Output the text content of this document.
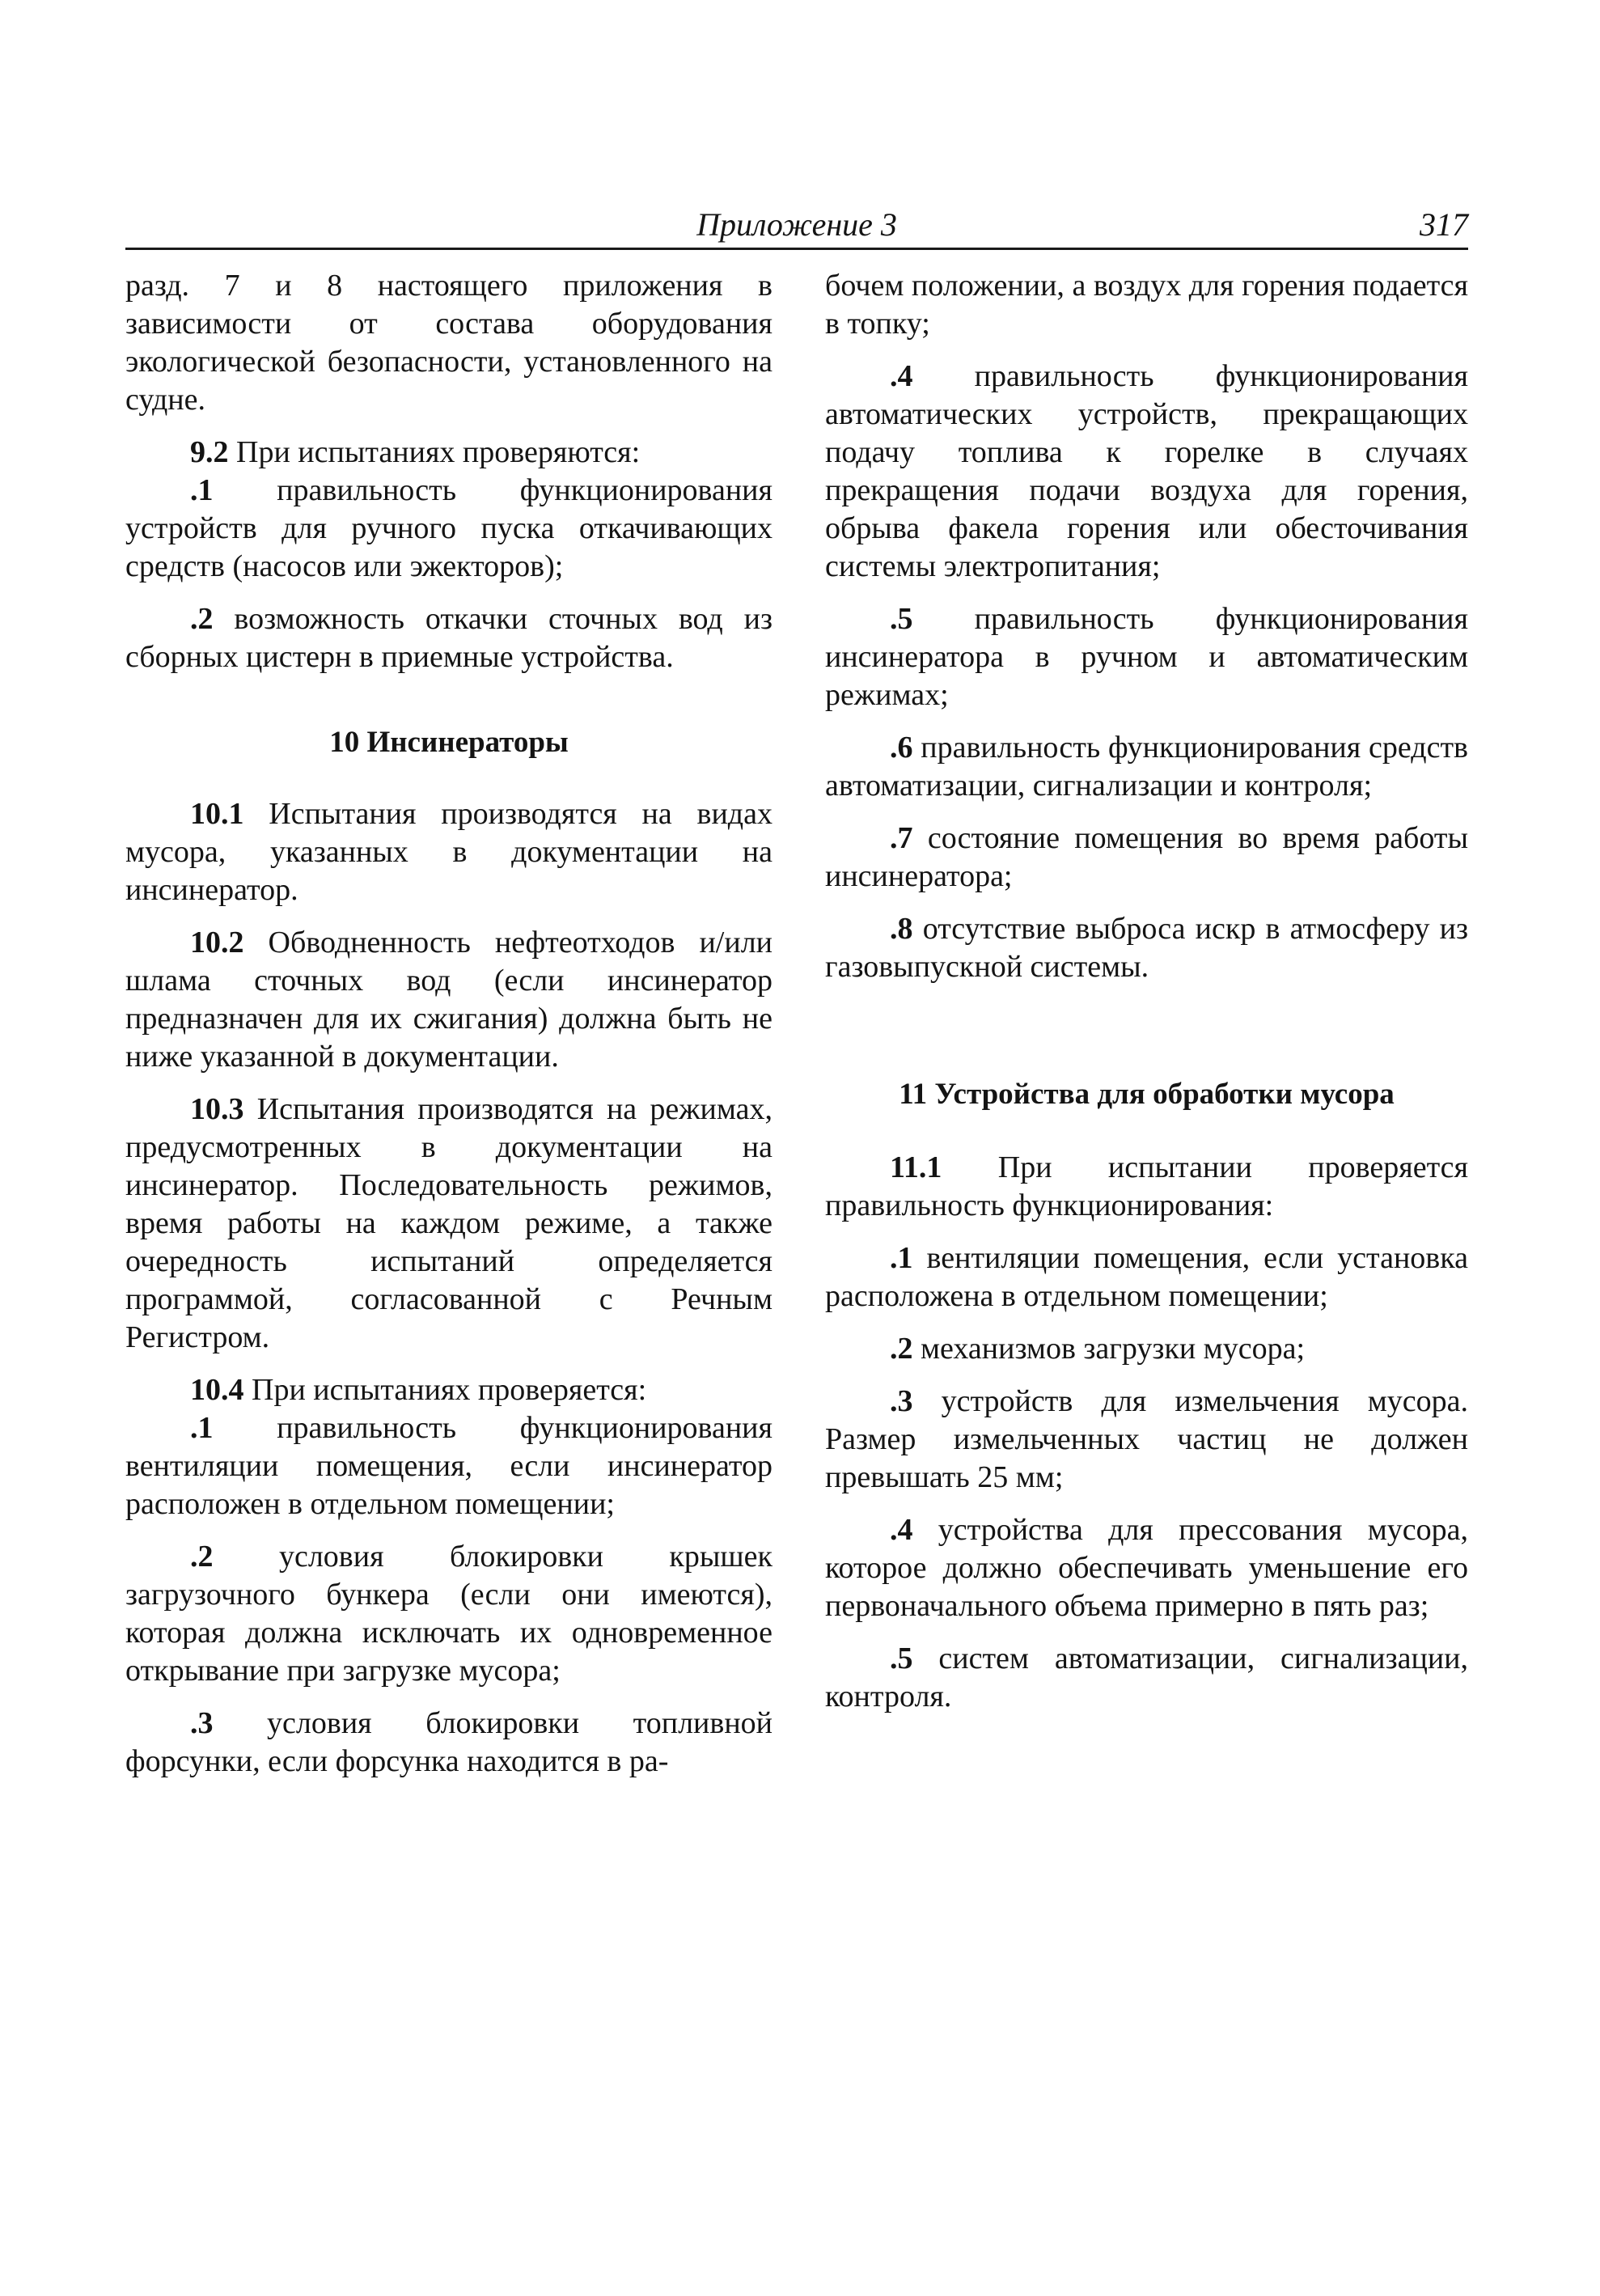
Приложение 3	317

разд. 7 и 8 настоящего приложения в зависимости от состава оборудования экологической безопасности, установленного на судне.

9.2 При испытаниях проверяются:

.1 правильность функционирования устройств для ручного пуска откачивающих средств (насосов или эжекторов);

.2 возможность откачки сточных вод из сборных цистерн в приемные устройства.

10 Инсинераторы

10.1 Испытания производятся на видах мусора, указанных в документации на инсинератор.

10.2 Обводненность нефтеотходов и/или шлама сточных вод (если инсинератор предназначен для их сжигания) должна быть не ниже указанной в документации.

10.3 Испытания производятся на режимах, предусмотренных в документации на инсинератор. Последовательность режимов, время работы на каждом режиме, а также очередность испытаний определяется программой, согласованной с Речным Регистром.

10.4 При испытаниях проверяется:

.1 правильность функционирования вентиляции помещения, если инсинератор расположен в отдельном помещении;

.2 условия блокировки крышек загрузочного бункера (если они имеются), которая должна исключать их одновременное открывание при загрузке мусора;

.3 условия блокировки топливной форсунки, если форсунка находится в ра-

бочем положении, а воздух для горения подается в топку;

.4 правильность функционирования автоматических устройств, прекращающих подачу топлива к горелке в случаях прекращения подачи воздуха для горения, обрыва факела горения или обесточивания системы электропитания;

.5 правильность функционирования инсинератора в ручном и автоматическим режимах;

.6 правильность функционирования средств автоматизации, сигнализации и контроля;

.7 состояние помещения во время работы инсинератора;

.8 отсутствие выброса искр в атмосферу из газовыпускной системы.

11 Устройства для обработки мусора

11.1 При испытании проверяется правильность функционирования:

.1 вентиляции помещения, если установка расположена в отдельном помещении;

.2 механизмов загрузки мусора;

.3 устройств для измельчения мусора. Размер измельченных частиц не должен превышать 25 мм;

.4 устройства для прессования мусора, которое должно обеспечивать уменьшение его первоначального объема примерно в пять раз;

.5 систем автоматизации, сигнализации, контроля.
